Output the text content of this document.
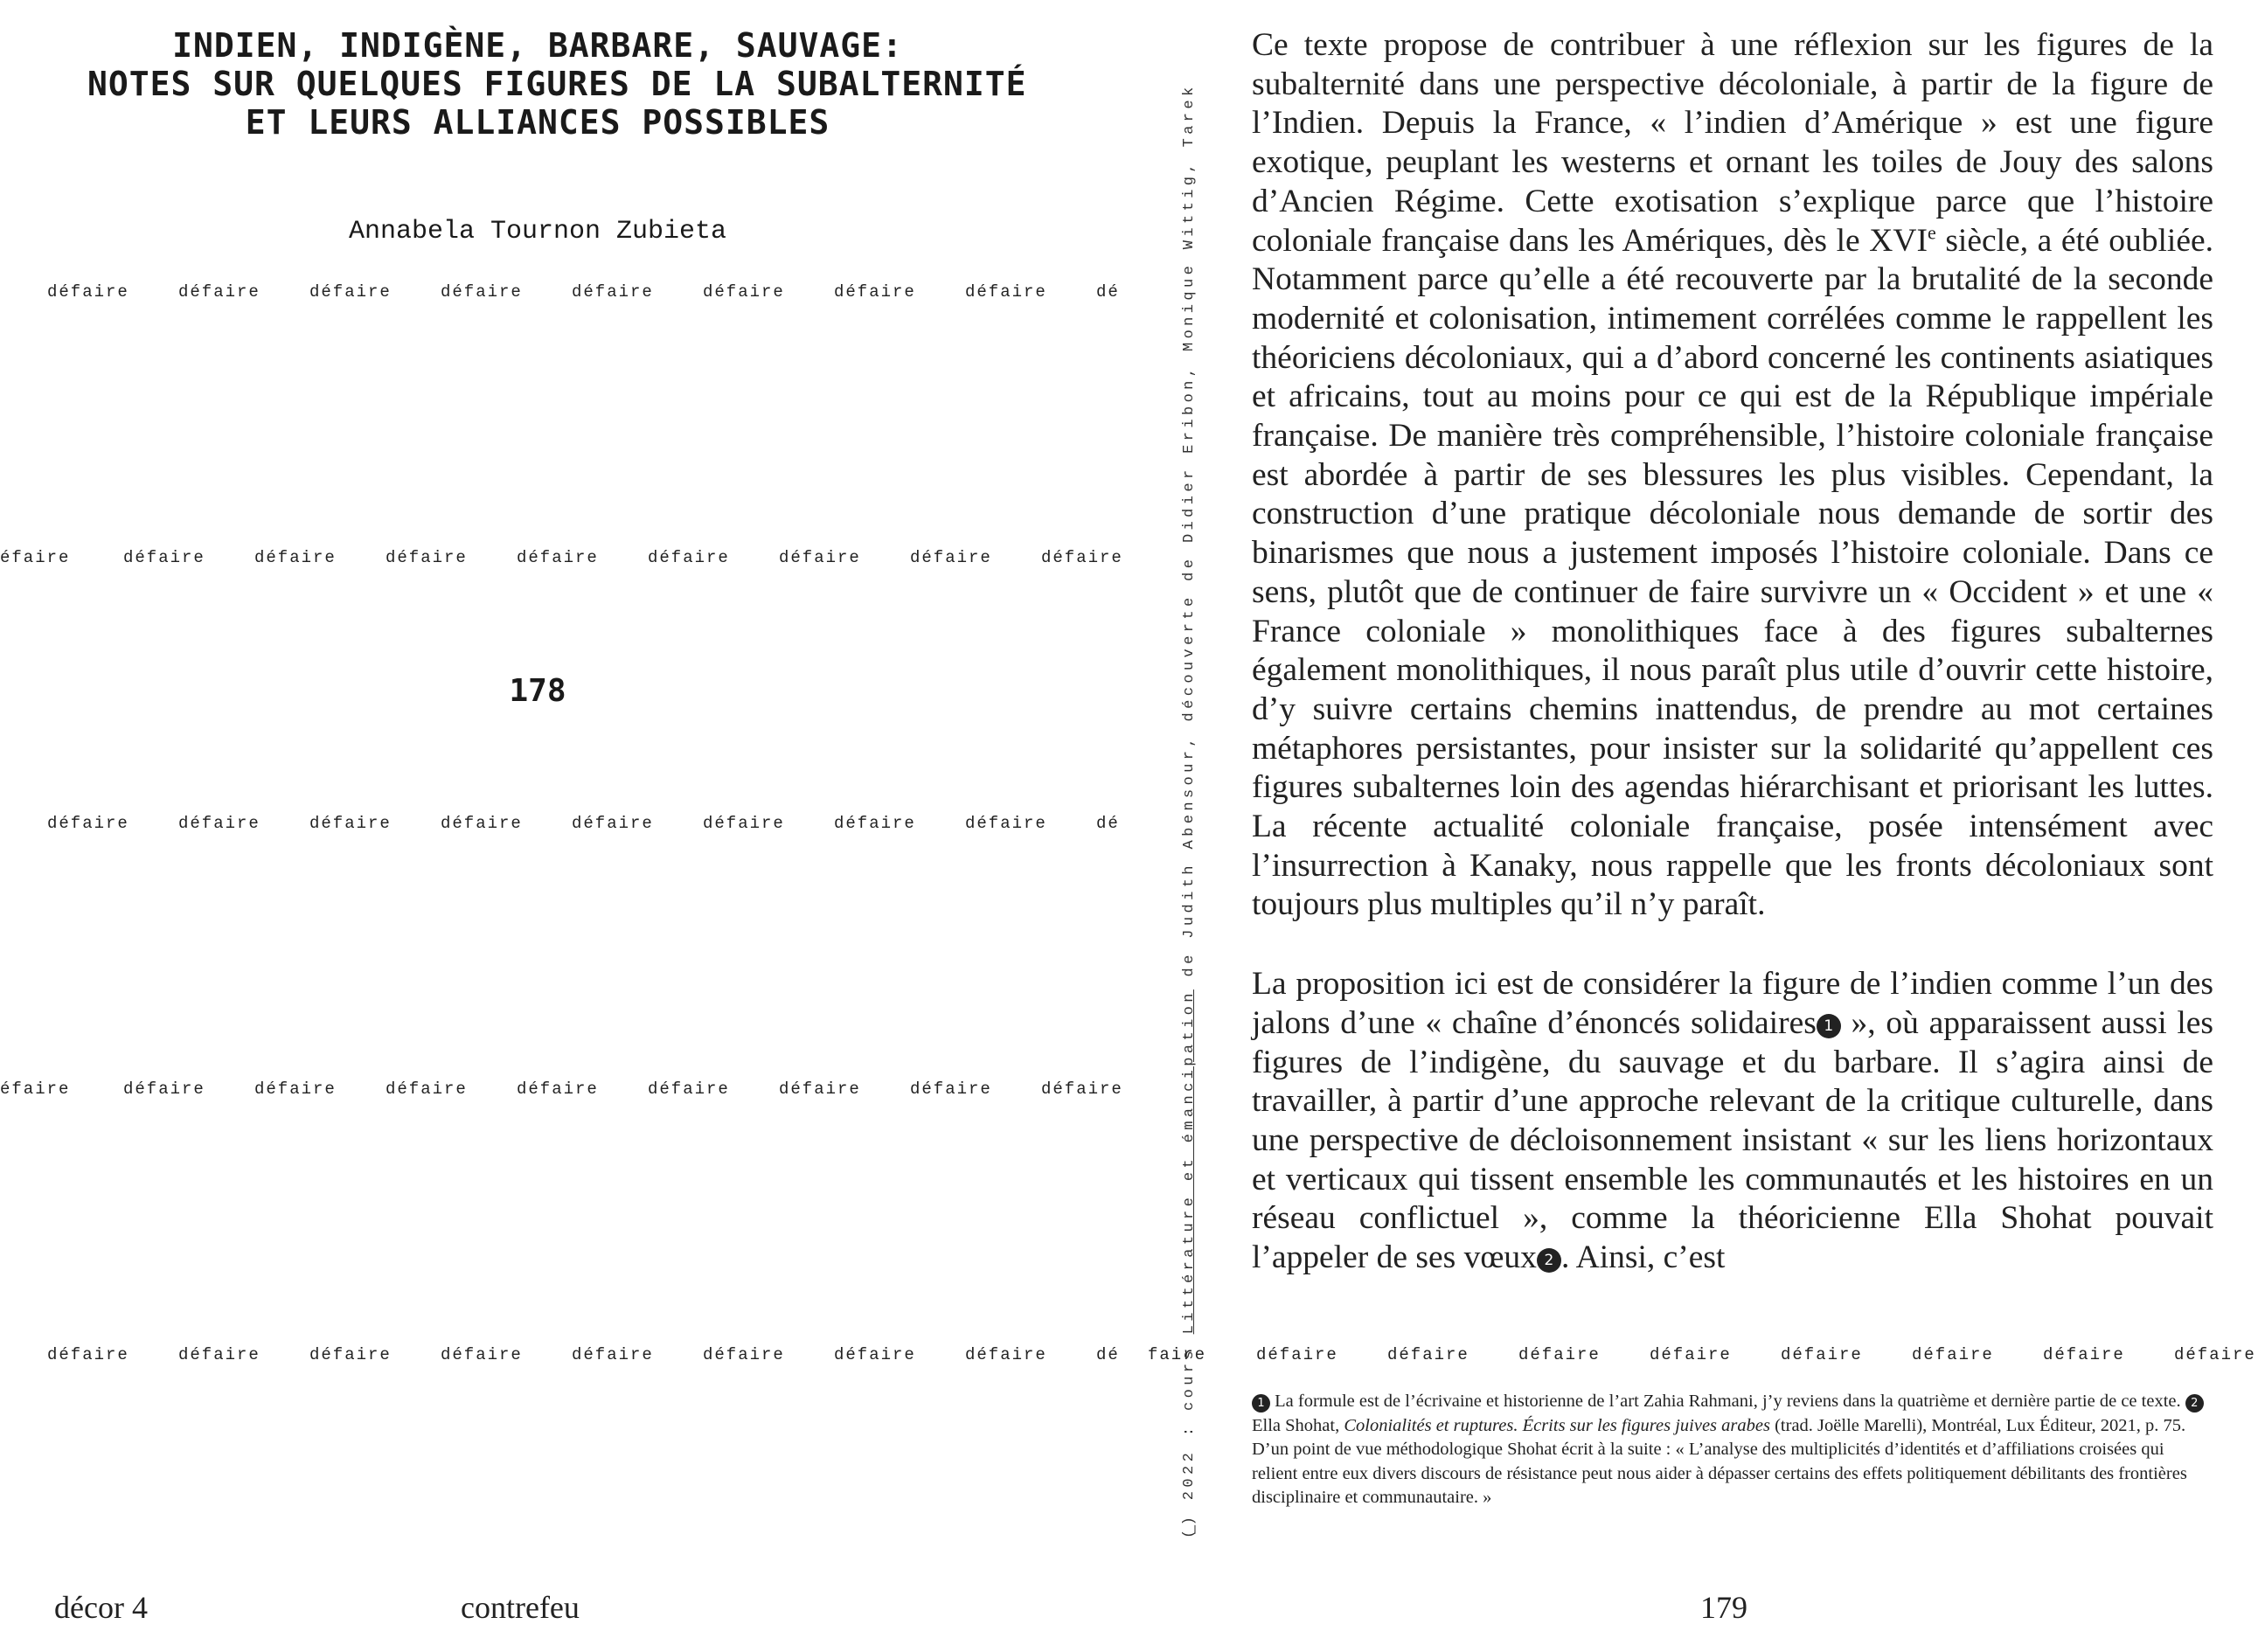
INDIEN, INDIGÈNE, BARBARE, SAUVAGE:
NOTES SUR QUELQUES FIGURES DE LA SUBALTERNITÉ
ET LEURS ALLIANCES POSSIBLES
Annabela Tournon Zubieta
178
défaire	défaire	défaire	défaire	défaire	défaire	défaire	défaire	dé
éfaire	défaire	défaire	défaire	défaire	défaire	défaire	défaire	défaire
défaire	défaire	défaire	défaire	défaire	défaire	défaire	défaire	dé
éfaire	défaire	défaire	défaire	défaire	défaire	défaire	défaire	défaire
défaire	défaire	défaire	défaire	défaire	défaire	défaire	défaire	dé faire	défaire	défaire	défaire	défaire	défaire	défaire	défaire	défaire
(̲) 2022 : cours Littérature et émancipation de Judith Abensour, découverte de Didier Eribon, Monique Wittig, Tarek

Ce texte propose de contribuer à une réflexion sur les figures de la subalternité dans une perspective décoloniale, à partir de la figure de l’Indien. Depuis la France, « l’indien d’Amérique » est une figure exotique, peuplant les westerns et ornant les toiles de Jouy des salons d’Ancien Régime. Cette exotisation s’explique parce que l’histoire coloniale française dans les Amériques, dès le XVIe siècle, a été oubliée. Notamment parce qu’elle a été recouverte par la brutalité de la seconde modernité et colonisation, intimement corrélées comme le rappellent les théoriciens décoloniaux, qui a d’abord concerné les continents asiatiques et africains, tout au moins pour ce qui est de la République impériale française. De manière très compréhensible, l’histoire coloniale française est abordée à partir de ses blessures les plus visibles. Cependant, la construction d’une pratique décoloniale nous demande de sortir des binarismes que nous a justement imposés l’histoire coloniale. Dans ce sens, plutôt que de continuer de faire survivre un « Occident » et une « France coloniale » monolithiques face à des figures subalternes également monolithiques, il nous paraît plus utile d’ouvrir cette histoire, d’y suivre certains chemins inattendus, de prendre au mot certaines métaphores persistantes, pour insister sur la solidarité qu’appellent ces figures subalternes loin des agendas hiérarchisant et priorisant les luttes. La récente actualité coloniale française, posée intensément avec l’insurrection à Kanaky, nous rappelle que les fronts décoloniaux sont toujours plus multiples qu’il n’y paraît.

La proposition ici est de considérer la figure de l’indien comme l’un des jalons d’une « chaîne d’énoncés solidaires 1 », où apparaissent aussi les figures de l’indigène, du sauvage et du barbare. Il s’agira ainsi de travailler, à partir d’une approche relevant de la critique culturelle, dans une perspective de décloisonnement insistant « sur les liens horizontaux et verticaux qui tissent ensemble les communautés et les histoires en un réseau conflictuel », comme la théoricienne Ella Shohat pouvait l’appeler de ses vœux 2 . Ainsi, c’est

1 La formule est de l’écrivaine et historienne de l’art Zahia Rahmani, j’y reviens dans la quatrième et dernière partie de ce texte. 2 Ella Shohat, Colonialités et ruptures. Écrits sur les figures juives arabes (trad. Joëlle Marelli), Montréal, Lux Éditeur, 2021, p. 75. D’un point de vue méthodologique Shohat écrit à la suite : « L’analyse des multiplicités d’identités et d’affiliations croisées qui relient entre eux divers discours de résistance peut nous aider à dépasser certains des effets politiquement débilitants des frontières disciplinaire et communautaire. »
décor 4	contrefeu	179
